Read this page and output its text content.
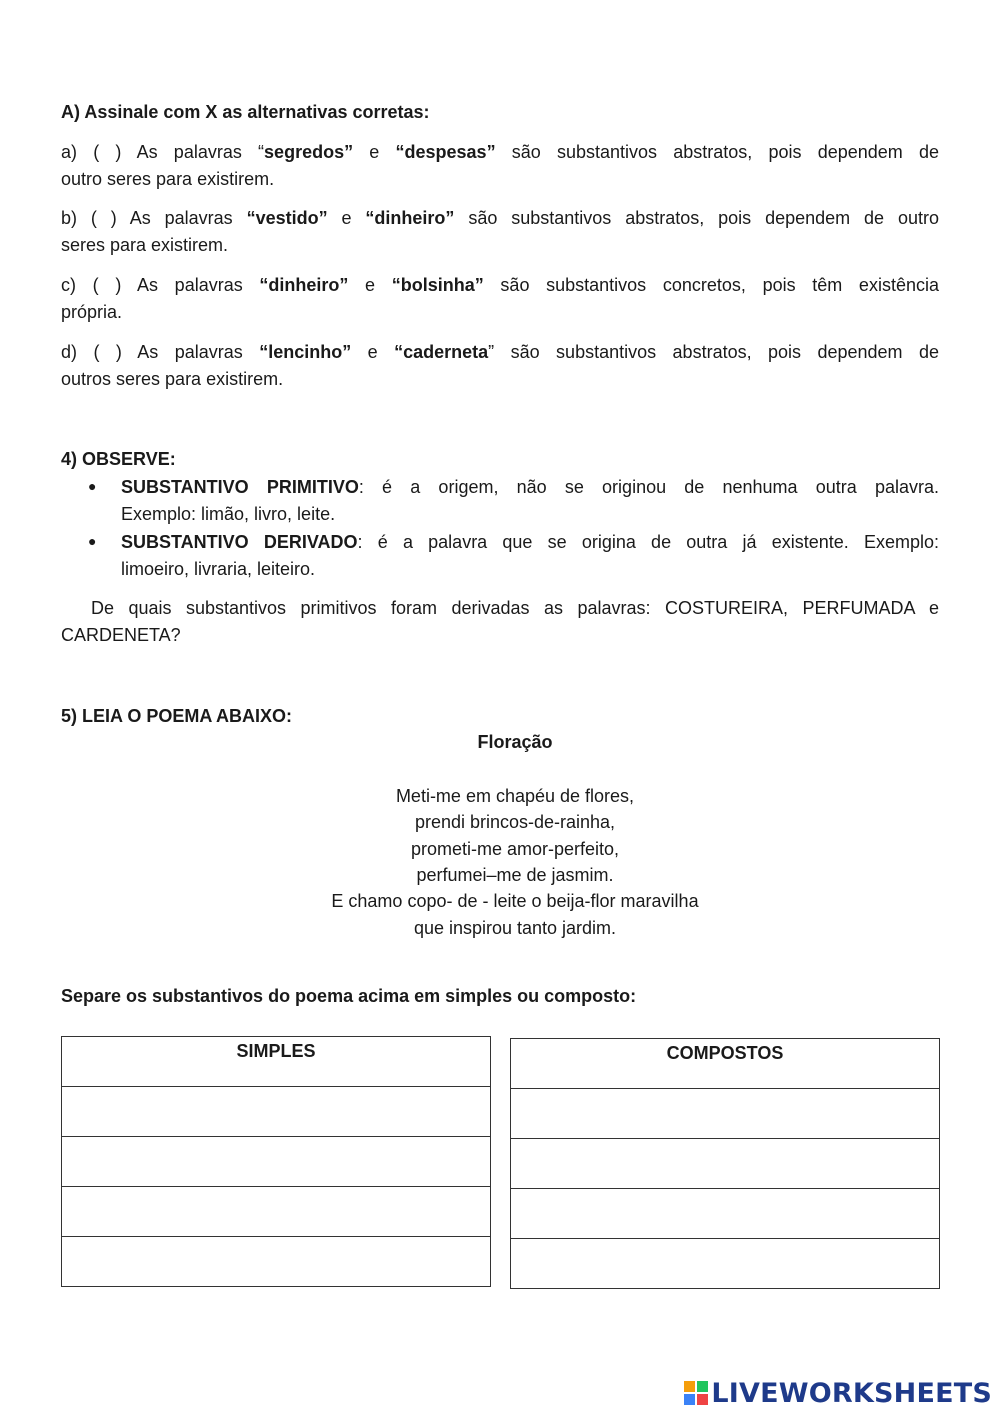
A) Assinale com X as alternativas corretas:
a) ( ) As palavras “segredos” e “despesas” são substantivos abstratos, pois dependem de
outro seres para existirem.
b) ( ) As palavras “vestido” e “dinheiro” são substantivos abstratos, pois dependem de outro
seres para existirem.
c) ( ) As palavras “dinheiro” e “bolsinha” são substantivos concretos, pois têm existência
própria.
d) ( ) As palavras “lencinho” e “caderneta” são substantivos abstratos, pois dependem de
outros seres para existirem.
4) OBSERVE:
● SUBSTANTIVO PRIMITIVO: é a origem, não se originou de nenhuma outra palavra.
Exemplo: limão, livro, leite.
● SUBSTANTIVO DERIVADO: é a palavra que se origina de outra já existente. Exemplo:
limoeiro, livraria, leiteiro.
De quais substantivos primitivos foram derivadas as palavras: COSTUREIRA, PERFUMADA e
CARDENETA?
5) LEIA O POEMA ABAIXO:
Floração
Meti-me em chapéu de flores,
prendi brincos-de-rainha,
prometi-me amor-perfeito,
perfumei–me de jasmim.
E chamo copo- de - leite o beija-flor maravilha
que inspirou tanto jardim.
Separe os substantivos do poema acima em simples ou composto:
SIMPLES	COMPOSTOS

LIVEWORKSHEETS
